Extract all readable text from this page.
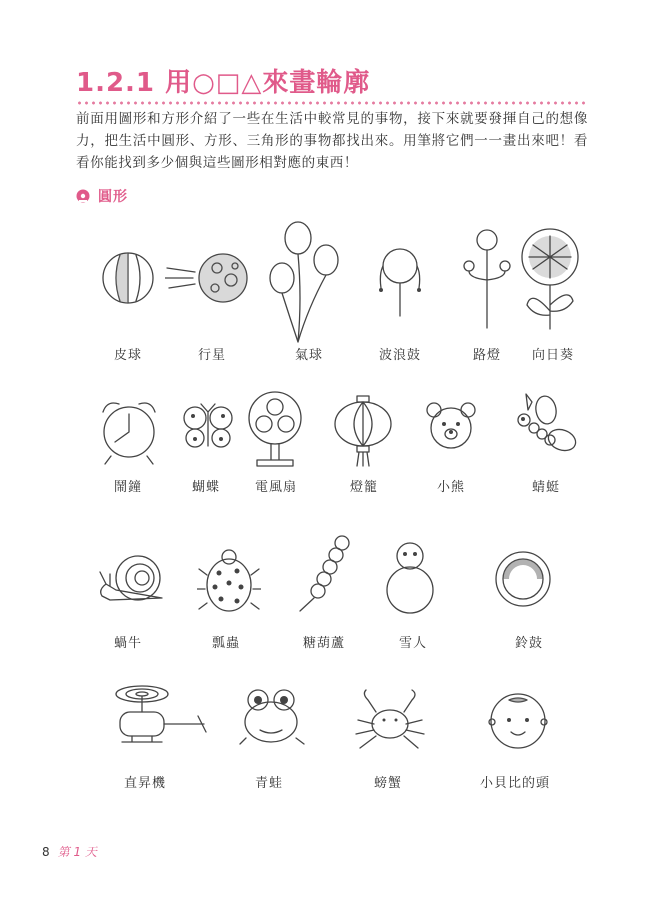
1.2.1 用○□△來畫輪廓
前面用圖形和方形介紹了一些在生活中較常見的事物，接下來就要發揮自己的想像力，把生活中圓形、方形、三角形的事物都找出來。用筆將它們一一畫出來吧！看看你能找到多少個與這些圖形相對應的東西！
圓形
皮球	行星	氣球	波浪鼓	路燈 向日葵
鬧鐘	蝴蝶	電風扇	燈籠	小熊	蜻蜓
蝸牛	瓢蟲	糖葫蘆	雪人	鈴鼓
直昇機	青蛙	螃蟹	小貝比的頭
8 第 1 天
